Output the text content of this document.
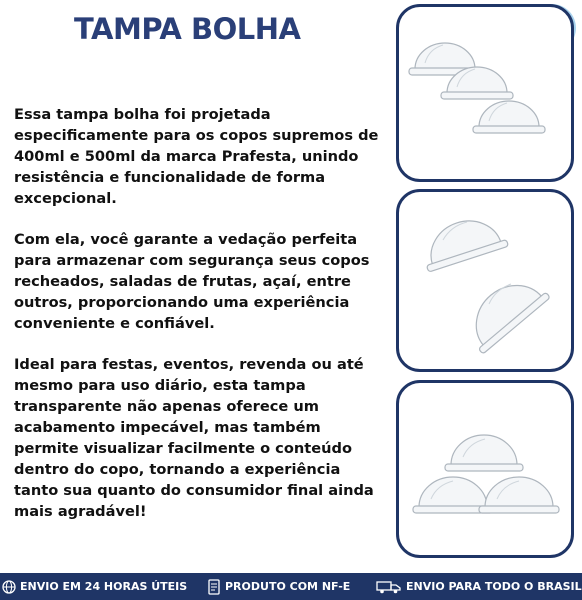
TAMPA BOLHA

Essa tampa bolha foi projetada especificamente para os copos supremos de 400ml e 500ml da marca Prafesta, unindo resistência e funcionalidade de forma excepcional.

Com ela, você garante a vedação perfeita para armazenar com segurança seus copos recheados, saladas de frutas, açaí, entre outros, proporcionando uma experiência conveniente e confiável.

Ideal para festas, eventos, revenda ou até mesmo para uso diário, esta tampa transparente não apenas oferece um acabamento impecável, mas também permite visualizar facilmente o conteúdo dentro do copo, tornando a experiência tanto sua quanto do consumidor final ainda mais agradável!

ENVIO EM 24 HORAS ÚTEIS	PRODUTO COM NF-E	ENVIO PARA TODO O BRASIL
